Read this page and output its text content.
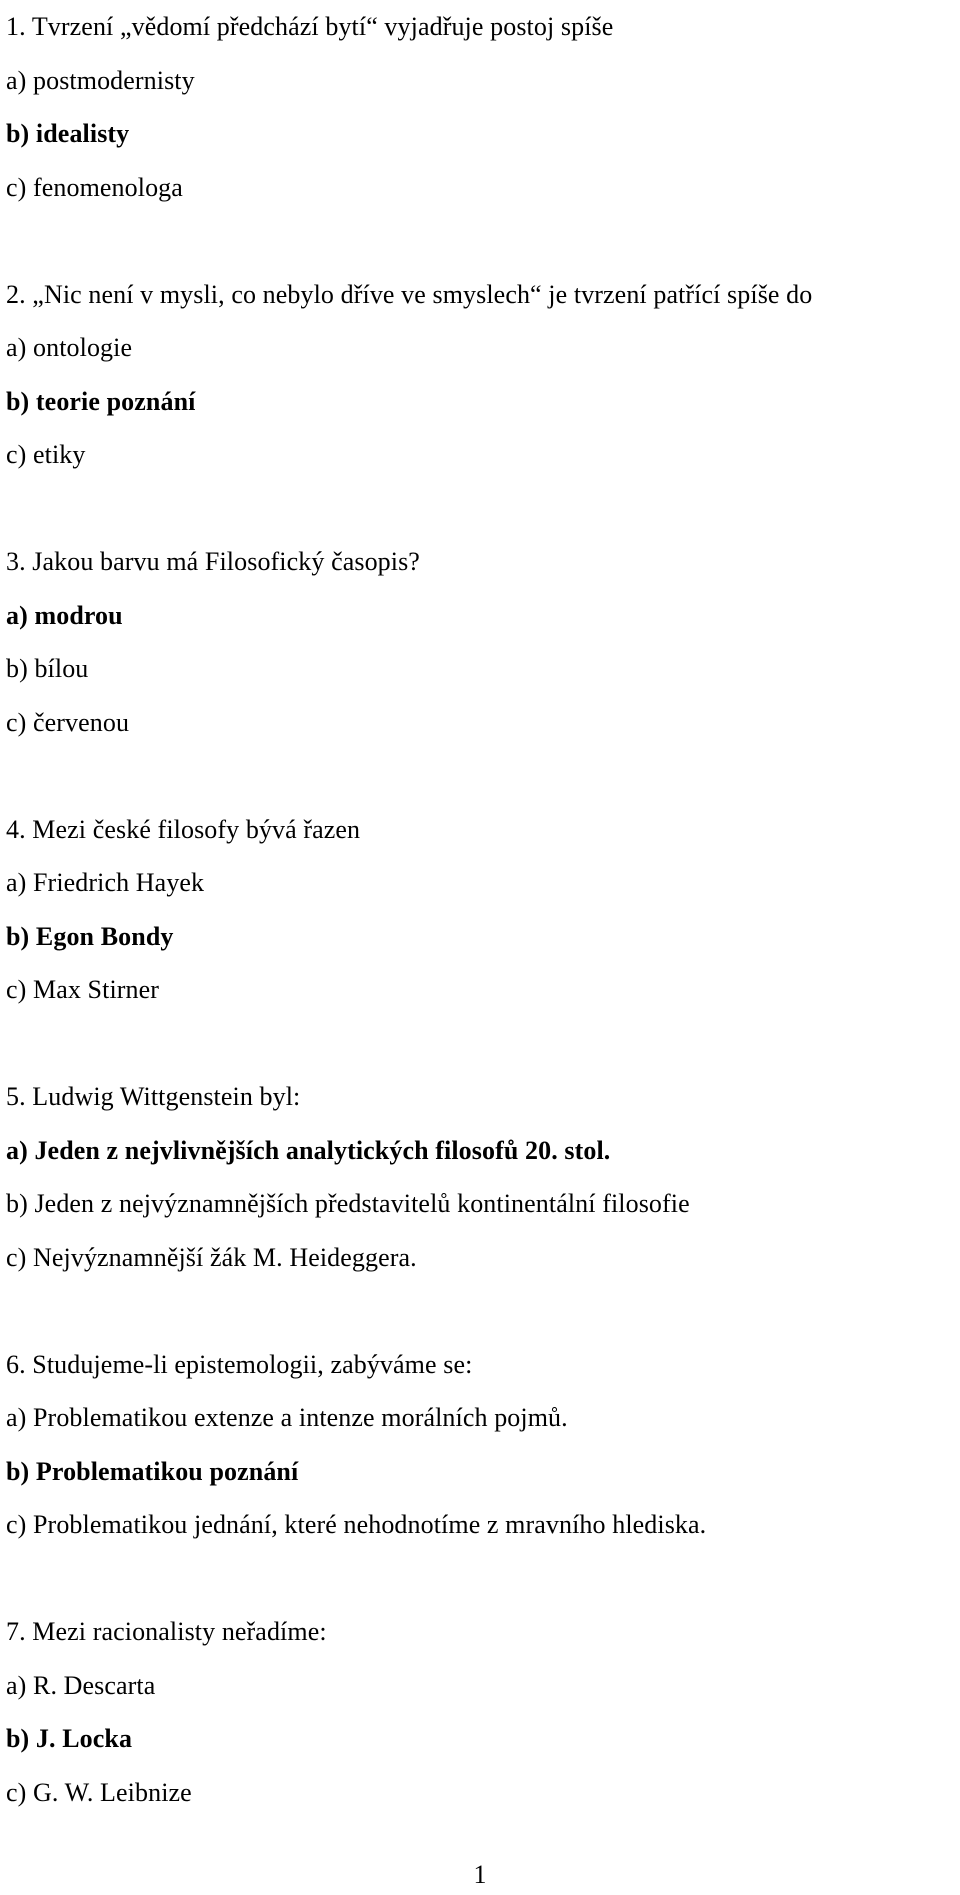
1. Tvrzení „vědomí předchází bytí“ vyjadřuje postoj spíše
a) postmodernisty
b) idealisty
c) fenomenologa
2. „Nic není v mysli, co nebylo dříve ve smyslech“ je tvrzení patřící spíše do
a) ontologie
b) teorie poznání
c) etiky
3. Jakou barvu má Filosofický časopis?
a) modrou
b) bílou
c) červenou
4. Mezi české filosofy bývá řazen
a) Friedrich Hayek
b) Egon Bondy
c) Max Stirner
5. Ludwig Wittgenstein byl:
a) Jeden z nejvlivnějších analytických filosofů 20. stol.
b) Jeden z nejvýznamnějších představitelů kontinentální filosofie
c) Nejvýznamnější žák M. Heideggera.
6. Studujeme-li epistemologii, zabýváme se:
a) Problematikou extenze a intenze morálních pojmů.
b) Problematikou poznání
c) Problematikou jednání, které nehodnotíme z mravního hlediska.
7. Mezi racionalisty neřadíme:
a) R. Descarta
b) J. Locka
c) G. W. Leibnize
1
